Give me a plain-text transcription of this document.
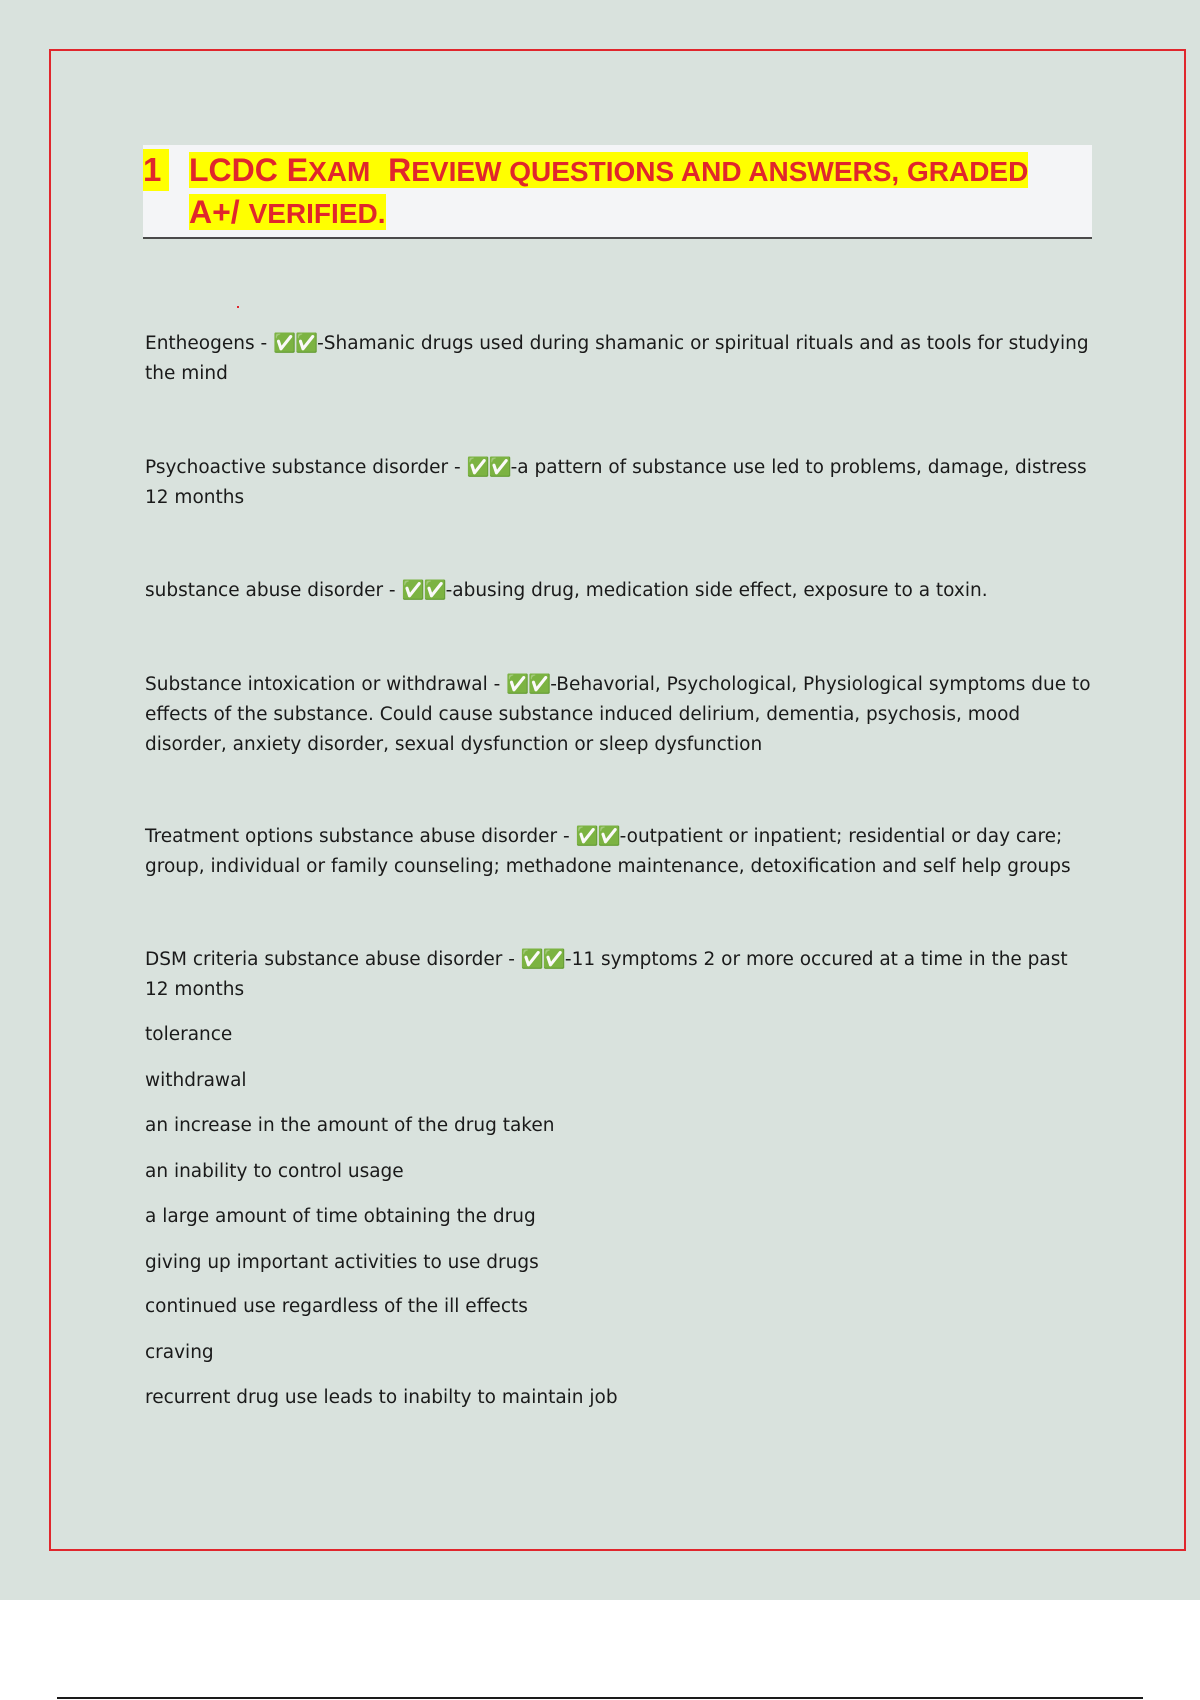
1 LCDC EXAM REVIEW QUESTIONS AND ANSWERS, GRADED
A+/ VERIFIED.
Entheogens - ✅✅-Shamanic drugs used during shamanic or spiritual rituals and as tools for studying the mind
Psychoactive substance disorder - ✅✅-a pattern of substance use led to problems, damage, distress 12 months
substance abuse disorder - ✅✅-abusing drug, medication side effect, exposure to a toxin.
Substance intoxication or withdrawal - ✅✅-Behavorial, Psychological, Physiological symptoms due to effects of the substance. Could cause substance induced delirium, dementia, psychosis, mood disorder, anxiety disorder, sexual dysfunction or sleep dysfunction
Treatment options substance abuse disorder - ✅✅-outpatient or inpatient; residential or day care; group, individual or family counseling; methadone maintenance, detoxification and self help groups
DSM criteria substance abuse disorder - ✅✅-11 symptoms 2 or more occured at a time in the past 12 months
tolerance
withdrawal
an increase in the amount of the drug taken
an inability to control usage
a large amount of time obtaining the drug
giving up important activities to use drugs
continued use regardless of the ill effects
craving
recurrent drug use leads to inabilty to maintain job
